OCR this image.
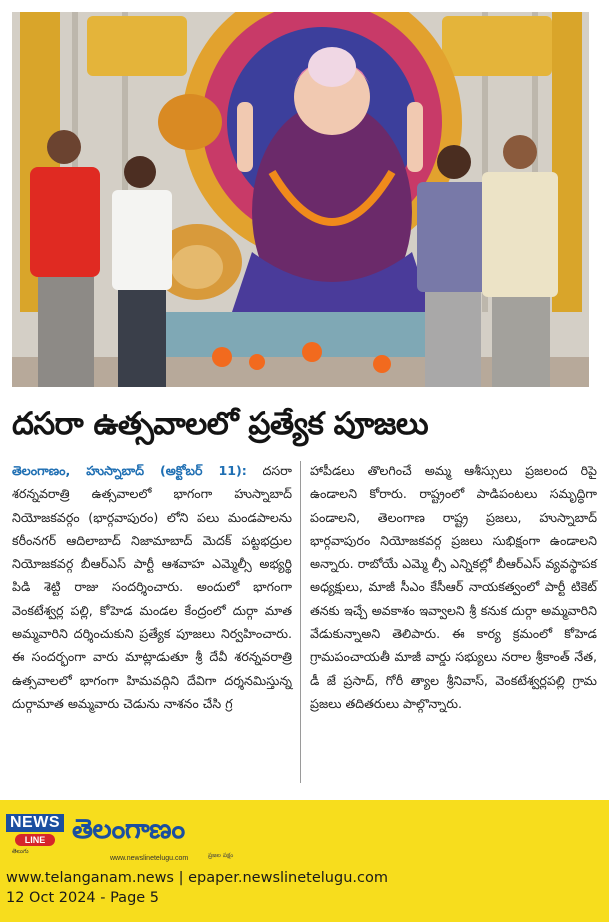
దసరా ఉత్సవాలలో ప్రత్యేక పూజలు
తెలంగాణం, హుస్నాబాద్ (అక్టోబర్ 11): దసరా శరన్నవరాత్రి ఉత్సవాలలో భాగంగా హుస్నాబాద్ నియోజకవర్గం (భార్గవాపురం) లోని పలు మండపాలను కరీంనగర్ ఆదిలాబాద్ నిజామాబాద్ మెదక్ పట్టభద్రుల నియోజకవర్గ బీఆర్ఎస్ పార్టీ ఆశవాహ ఎమ్మెల్సీ అభ్యర్థి పిడి శెట్టి రాజు సందర్శించారు. అందులో భాగంగా వెంకటేశ్వర్ల పల్లి, కోహెడ మండల కేంద్రంలో దుర్గా మాత అమ్మవారిని దర్శించుకుని ప్రత్యేక పూజలు నిర్వహించారు. ఈ సందర్భంగా వారు మాట్లాడుతూ శ్రీ దేవీ శరన్నవరాత్రి ఉత్సవాలలో భాగంగా హిమవద్గిని దేవిగా దర్శనమిస్తున్న దుర్గామాత అమ్మవారు చెడును నాశనం చేసి గ్ర
హాపీడలు తొలగించే అమ్మ ఆశీస్సులు ప్రజలంద రిపై ఉండాలని కోరారు. రాష్ట్రంలో పాడిపంటలు సమృద్ధిగా పండాలని, తెలంగాణ రాష్ట్ర ప్రజలు, హుస్నాబాద్ భార్గవాపురం నియోజకవర్గ ప్రజలు సుభిక్షంగా ఉండాలని అన్నారు. రాబోయే ఎమ్మె ల్సీ ఎన్నికల్లో బీఆర్ఎస్ వ్యవస్థాపక అధ్యక్షులు, మాజీ సీఎం కేసీఆర్ నాయకత్వంలో పార్టీ టికెట్ తనకు ఇచ్చే అవకాశం ఇవ్వాలని శ్రీ కనుక దుర్గా అమ్మవారిని వేడుకున్నాఅని తెలిపారు. ఈ కార్య క్రమంలో కోహెడ గ్రామపంచాయతీ మాజీ వార్డు సభ్యులు నరాల శ్రీకాంత్ నేత, డీ జే ప్రసాద్, గోరీ త్యాల శ్రీనివాస్, వెంకటేశ్వర్లపల్లి గ్రామ ప్రజలు తదితరులు పాల్గొన్నారు.
NEWS
LINE
తెలుగు
తెలంగాణం
www.newslinetelugu.com	ప్రజల పక్షం
www.telanganam.news | epaper.newslinetelugu.com
12 Oct 2024 - Page 5
